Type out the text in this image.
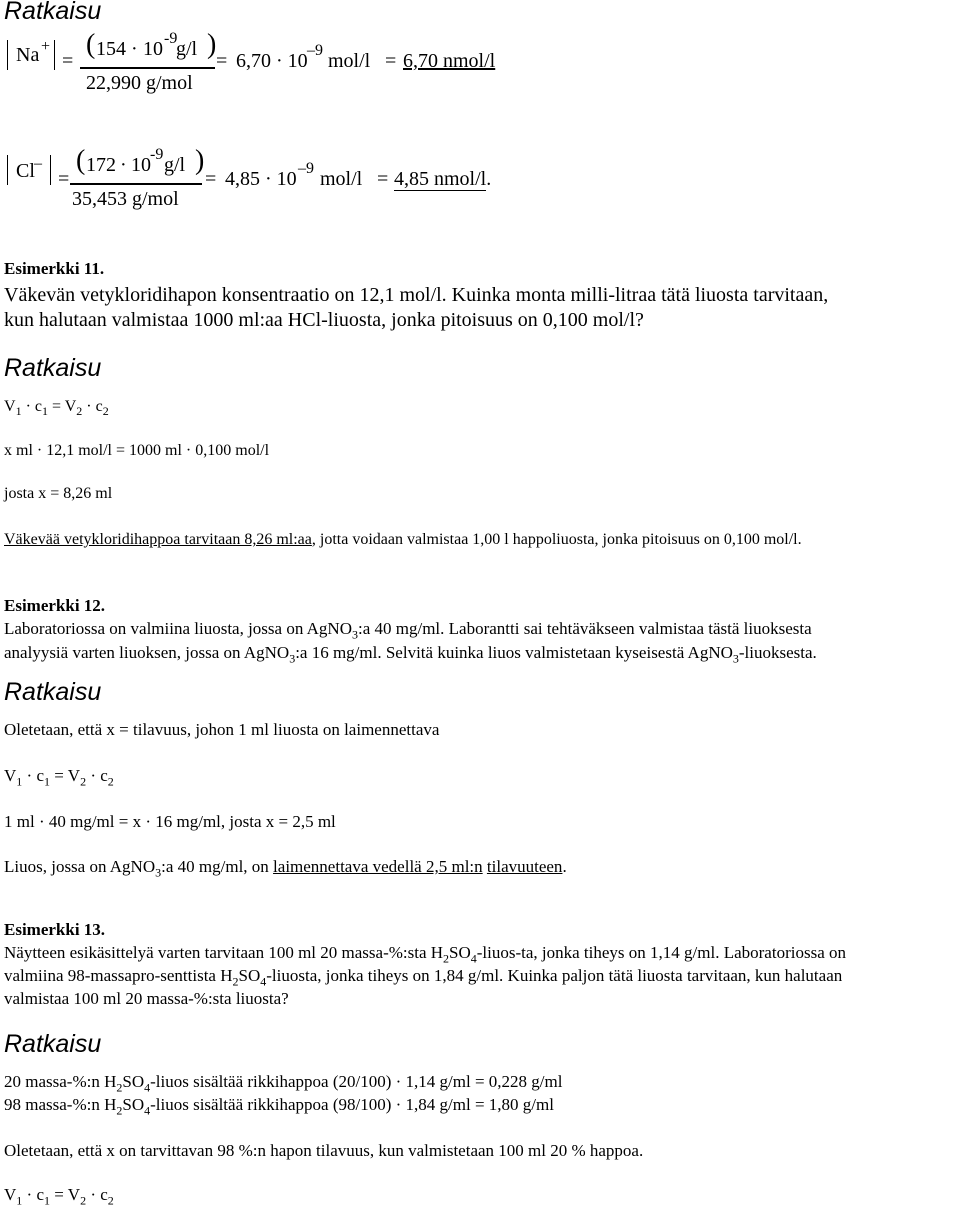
Ratkaisu
Na +
=
( 154 · 10 -9
g/l )
22,990 g/mol
= 6,70 · 10 –9 mol/l = 6,70 nmol/l
Cl –
=
( 172 · 10 -9 g/l )
35,453 g/mol
= 4,85 · 10 –9 mol/l = 4,85 nmol/l.
Esimerkki 11.
Väkevän vetykloridihapon konsentraatio on 12,1 mol/l. Kuinka monta milli-litraa tätä liuosta tarvitaan,
kun halutaan valmistaa 1000 ml:aa HCl-liuosta, jonka pitoisuus on 0,100 mol/l?
Ratkaisu
$V_1 \cdot c_1 = V_2 \cdot c_2$
x ml · 12,1 mol/l = 1000 ml · 0,100 mol/l
josta x = 8,26 ml
Väkevää vetykloridihappoa tarvitaan 8,26 ml:aa, jotta voidaan valmistaa 1,00 l happoliuosta, jonka pitoisuus on 0,100 mol/l.
Esimerkki 12.
Laboratoriossa on valmiina liuosta, jossa on AgNO$_3$:a 40 mg/ml. Laborantti sai tehtäväkseen valmistaa tästä liuoksesta
analyysiä varten liuoksen, jossa on AgNO$_3$:a 16 mg/ml. Selvitä kuinka liuos valmistetaan kyseisestä AgNO$_3$-liuoksesta.
Ratkaisu
Oletetaan, että x = tilavuus, johon 1 ml liuosta on laimennettava
$V_1 \cdot c_1 = V_2 \cdot c_2$
1 ml · 40 mg/ml = x · 16 mg/ml, josta x = 2,5 ml
Liuos, jossa on AgNO$_3$:a 40 mg/ml, on laimennettava vedellä 2,5 ml:n tilavuuteen.
Esimerkki 13.
Näytteen esikäsittelyä varten tarvitaan 100 ml 20 massa-%:sta $H_2SO_4-liuos-ta$, jonka tiheys on 1,14 g/ml. Laboratoriossa on
valmiina 98-massapro-senttista $H_2SO_4$-liuosta, jonka tiheys on 1,84 g/ml. Kuinka paljon tätä liuosta tarvitaan, kun halutaan
valmistaa 100 ml 20 massa-%:sta liuosta?
Ratkaisu
20 massa-%:n $H_2SO_4$-liuos sisältää rikkihappoa (20/100) · 1,14 g/ml = 0,228 g/ml
98 massa-%:n $H_2SO_4$-liuos sisältää rikkihappoa (98/100) · 1,84 g/ml = 1,80 g/ml
Oletetaan, että x on tarvittavan 98 %:n hapon tilavuus, kun valmistetaan 100 ml 20 % happoa.
$V_1 \cdot c_1 = V_2 \cdot c_2$
